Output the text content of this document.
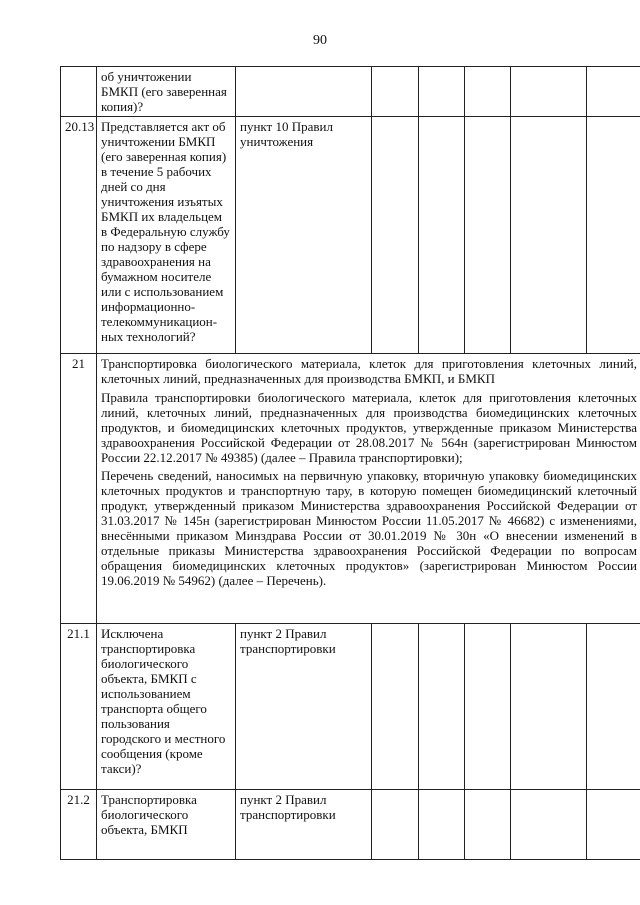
90
	об уничтожении БМКП (его заверенная копия)?						
20.13	Представляется акт об уничтожении БМКП (его заверенная копия) в течение 5 рабочих дней со дня уничтожения изъятых БМКП их владельцем в Федеральную службу по надзору в сфере здравоохранения на бумажном носителе или с использованием информационно-телекоммуникацион-ных технологий?	пункт 10 Правил уничтожения					
21	Транспортировка биологического материала, клеток для приготовления клеточных линий, клеточных линий, предназначенных для производства БМКП, и БМКП
Правила транспортировки биологического материала, клеток для приготовления клеточных линий, клеточных линий, предназначенных для производства биомедицинских клеточных продуктов, и биомедицинских клеточных продуктов, утвержденные приказом Министерства здравоохранения Российской Федерации от 28.08.2017 № 564н (зарегистрирован Минюстом России 22.12.2017 № 49385) (далее – Правила транспортировки);
Перечень сведений, наносимых на первичную упаковку, вторичную упаковку биомедицинских клеточных продуктов и транспортную тару, в которую помещен биомедицинский клеточный продукт, утвержденный приказом Министерства здравоохранения Российской Федерации от 31.03.2017 № 145н (зарегистрирован Минюстом России 11.05.2017 № 46682) с изменениями, внесёнными приказом Минздрава России от 30.01.2019 № 30н «О внесении изменений в отдельные приказы Министерства здравоохранения Российской Федерации по вопросам обращения биомедицинских клеточных продуктов» (зарегистрирован Минюстом России 19.06.2019 № 54962) (далее – Перечень).						

21.1	Исключена транспортировка биологического объекта, БМКП с использованием транспорта общего пользования городского и местного сообщения (кроме такси)?	пункт 2 Правил транспортировки					
21.2	Транспортировка биологического объекта, БМКП	пункт 2 Правил транспортировки					
